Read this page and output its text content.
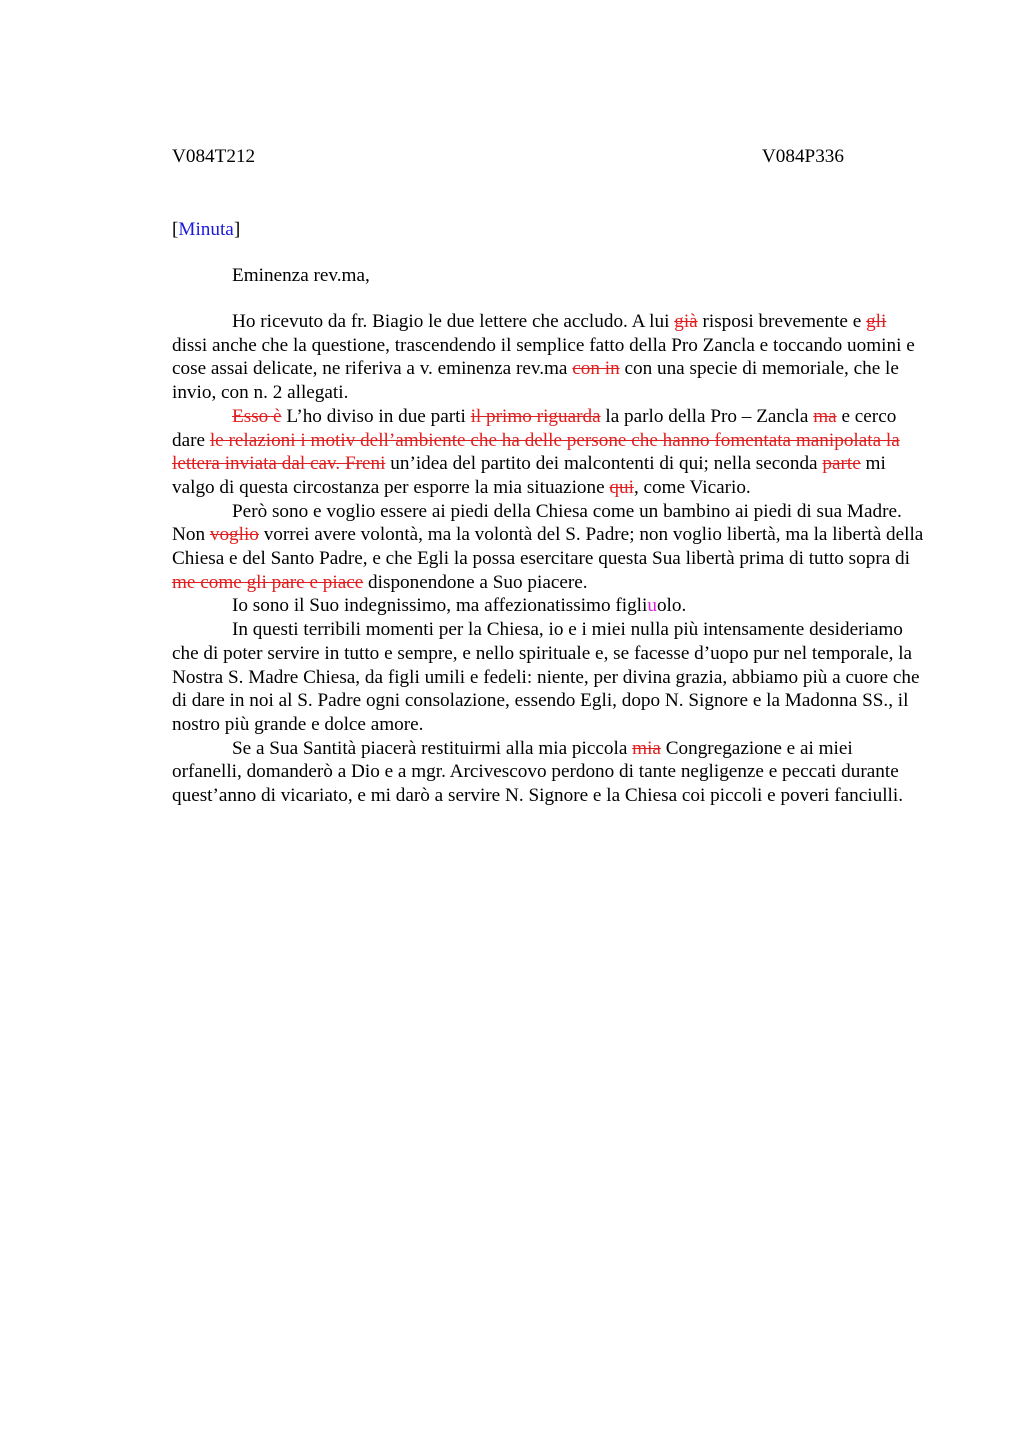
V084T212	V084P336
[Minuta]
Eminenza rev.ma,

Ho ricevuto da fr. Biagio le due lettere che accludo. A lui già risposi brevemente e gli dissi anche che la questione, trascendendo il semplice fatto della Pro Zancla e toccando uomini e cose assai delicate, ne riferiva a v. eminenza rev.ma con in con una specie di memoriale, che le invio, con n. 2 allegati.

Esso è L’ho diviso in due parti il primo riguarda la parlo della Pro – Zancla ma e cerco dare le relazioni i motiv dell’ambiente che ha delle persone che hanno fomentata manipolata la lettera inviata dal cav. Freni un’idea del partito dei malcontenti di qui; nella seconda parte mi valgo di questa circostanza per esporre la mia situazione qui, come Vicario.

Però sono e voglio essere ai piedi della Chiesa come un bambino ai piedi di sua Madre. Non voglio vorrei avere volontà, ma la volontà del S. Padre; non voglio libertà, ma la libertà della Chiesa e del Santo Padre, e che Egli la possa esercitare questa Sua libertà prima di tutto sopra di me come gli pare e piace disponendone a Suo piacere.

Io sono il Suo indegnissimo, ma affezionatissimo figliuolo.

In questi terribili momenti per la Chiesa, io e i miei nulla più intensamente desideriamo che di poter servire in tutto e sempre, e nello spirituale e, se facesse d’uopo pur nel temporale, la Nostra S. Madre Chiesa, da figli umili e fedeli: niente, per divina grazia, abbiamo più a cuore che di dare in noi al S. Padre ogni consolazione, essendo Egli, dopo N. Signore e la Madonna SS., il nostro più grande e dolce amore.

Se a Sua Santità piacerà restituirmi alla mia piccola mia Congregazione e ai miei orfanelli, domanderò a Dio e a mgr. Arcivescovo perdono di tante negligenze e peccati durante quest’anno di vicariato, e mi darò a servire N. Signore e la Chiesa coi piccoli e poveri fanciulli.
